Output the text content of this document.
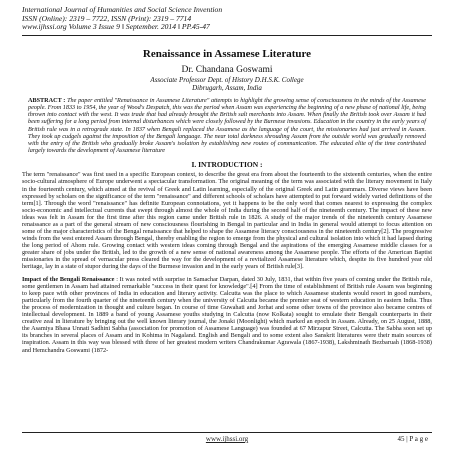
International Journal of Humanities and Social Science Invention
ISSN (Online): 2319 – 7722, ISSN (Print): 2319 – 7714
www.ijhssi.org Volume 3 Issue 9 ǁ September. 2014 ǁ PP.45-47
Renaissance in Assamese Literature
Dr. Chandana Goswami
Associate Professor Dept. of History D.H.S.K. College
Dibrugarh, Assam, India
ABSTRACT : The paper entitled "Renaissance in Assamese Literature" attempts to highlight the growing sense of consciousness in the minds of the Assamese people. From 1833 to 1954, the year of Wood's Despatch, this was the period when Assam was experiencing the beginning of a new phase of national life, being thrown into contact with the west. It was trade that had already brought the British salt merchants into Assam. When finally the British took over Assam it had been suffering for a long period from internal disturbances which were closely followed by the Burmese invasions. Education in the country in the early years of British rule was in a retrograde state. In 1837 when Bengali replaced the Assamese as the language of the court, the missionaries had just arrived in Assam. They took up cudgels against the imposition of the Bengali language. The near total darkness shrouding Assam from the outside world was gradually removed with the entry of the British who gradually broke Assam's isolation by establishing new routes of communication. The educated elite of the time contributed largely towards the development of Assamese literature
I. INTRODUCTION :
The term "renaissance" was first used in a specific European context, to describe the great era from about the fourteenth to the sixteenth centuries, when the entire socio-cultural atmosphere of Europe underwent a spectacular transformation. The original meaning of the term was associated with the literary movement in Italy in the fourteenth century, which aimed at the revival of Greek and Latin learning, especially of the original Greek and Latin grammars. Diverse views have been expressed by scholars on the significance of the term "renaissance" and different schools of scholars have attempted to put forward widely varied definitions of the term[1]. Through the word "renaissance" has definite European connotations, yet it happens to be the only word that comes nearest to expressing the complex socio-economic and intellectual currents that swept through almost the whole of India during the second half of the nineteenth century. The impact of these new ideas was felt in Assam for the first time after this region came under British rule in 1826. A study of the major trends of the nineteenth century Assamese renaissance as a part of the general stream of new consciousness flourishing in Bengal in particular and in India in general would attempt to focus attention on some of the major characteristics of the Bengal renaissance that helped to shape the Assamese literacy consciousness in the nineteenth century[2]. The progressive winds from the west entered Assam through Bengal, thereby enabling the region to emerge from the physical and cultural isolation into which it had lapsed during the long period of Ahom rule. Growing contact with western ideas coming through Bengal and the aspirations of the emerging Assamese middle classes for a greater share of jobs under the British, led to the growth of a new sense of national awareness among the Assamese people. The efforts of the American Baptist missionaries in the spread of vernacular press cleared the way for the development of a revitalized Assamese literature which, despite its five hundred year old heritage, lay in a state of stupor during the days of the Burmese invasion and in the early years of British rule[3].
Impact of the Bengali Renaissance : It was noted with surprise in Samachar Darpan, dated 30 July, 1831, that within five years of coming under the British rule, some gentlemen in Assam had attained remarkable "success in their quest for knowledge".[4] From the time of establishment of British rule Assam was beginning to keep pace with other provinces of India in education and literary activity. Calcutta was the place to which Assamese students would resort in good numbers, particularly from the fourth quarter of the nineteenth century when the university of Calcutta became the premier seat of western education in eastern India. Thus the process of modernization in thought and culture began. In course of time Guwahati and Jorhat and some other towns of the province also became centres of intellectual development. In 1889 a band of young Assamese youths studying in Calcutta (now Kolkata) sought to emulate their Bengali counterparts in their creative zeal in literature by bringing out the well known literary journal, the Jonaki (Moonlight) which marked an epoch in Assam. Already, on 25 August, 1888, the Asamiya Bhasa Unnati Sadhini Sabha (association for promotion of Assamese Language) was founded at 67 Mirzapur Street, Calcutta. The Sabha soon set up its branches in several places of Assam and in Kohima in Nagaland. English and Bengali and to some extent also Sanskrit literatures were their main sources of inspiration. Assam in this way was blessed with three of her greatest modern writers Chandrakumar Agrawala (1867-1938), Lakshminath Bezbaruah (1868-1938) and Hemchandra Goswami (1872-
www.ijhssi.org	45 | P a g e
